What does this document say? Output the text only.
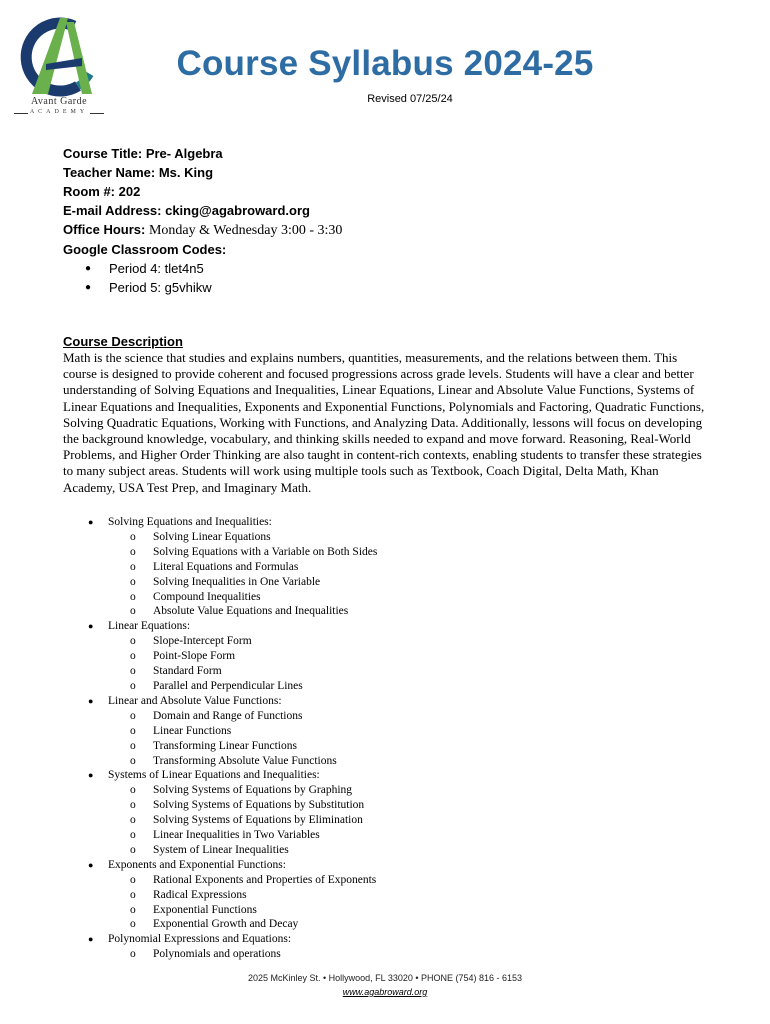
Avant Garde
ACADEMY
Course Syllabus 2024-25
Revised 07/25/24
Course Title: Pre- Algebra
Teacher Name: Ms. King
Room #: 202
E-mail Address: cking@agabroward.org
Office Hours: Monday & Wednesday 3:00 - 3:30
Google Classroom Codes:
● Period 4: tlet4n5
● Period 5: g5vhikw
Course Description

Math is the science that studies and explains numbers, quantities, measurements, and the relations between them. This course is designed to provide coherent and focused progressions across grade levels. Students will have a clear and better understanding of Solving Equations and Inequalities, Linear Equations, Linear and Absolute Value Functions, Systems of Linear Equations and Inequalities, Exponents and Exponential Functions, Polynomials and Factoring, Quadratic Functions, Solving Quadratic Equations, Working with Functions, and Analyzing Data. Additionally, lessons will focus on developing the background knowledge, vocabulary, and thinking skills needed to expand and move forward. Reasoning, Real-World Problems, and Higher Order Thinking are also taught in content-rich contexts, enabling students to transfer these strategies to many subject areas. Students will work using multiple tools such as Textbook, Coach Digital, Delta Math, Khan Academy, USA Test Prep, and Imaginary Math.

● Solving Equations and Inequalities:
o Solving Linear Equations
o Solving Equations with a Variable on Both Sides
o Literal Equations and Formulas
o Solving Inequalities in One Variable
o Compound Inequalities
o Absolute Value Equations and Inequalities
● Linear Equations:
o Slope-Intercept Form
o Point-Slope Form
o Standard Form
o Parallel and Perpendicular Lines
● Linear and Absolute Value Functions:
o Domain and Range of Functions
o Linear Functions
o Transforming Linear Functions
o Transforming Absolute Value Functions
● Systems of Linear Equations and Inequalities:
o Solving Systems of Equations by Graphing
o Solving Systems of Equations by Substitution
o Solving Systems of Equations by Elimination
o Linear Inequalities in Two Variables
o System of Linear Inequalities
● Exponents and Exponential Functions:
o Rational Exponents and Properties of Exponents
o Radical Expressions
o Exponential Functions
o Exponential Growth and Decay
● Polynomial Expressions and Equations:
o Polynomials and operations
2025 McKinley St. • Hollywood, FL 33020 • PHONE (754) 816 - 6153
www.agabroward.org
